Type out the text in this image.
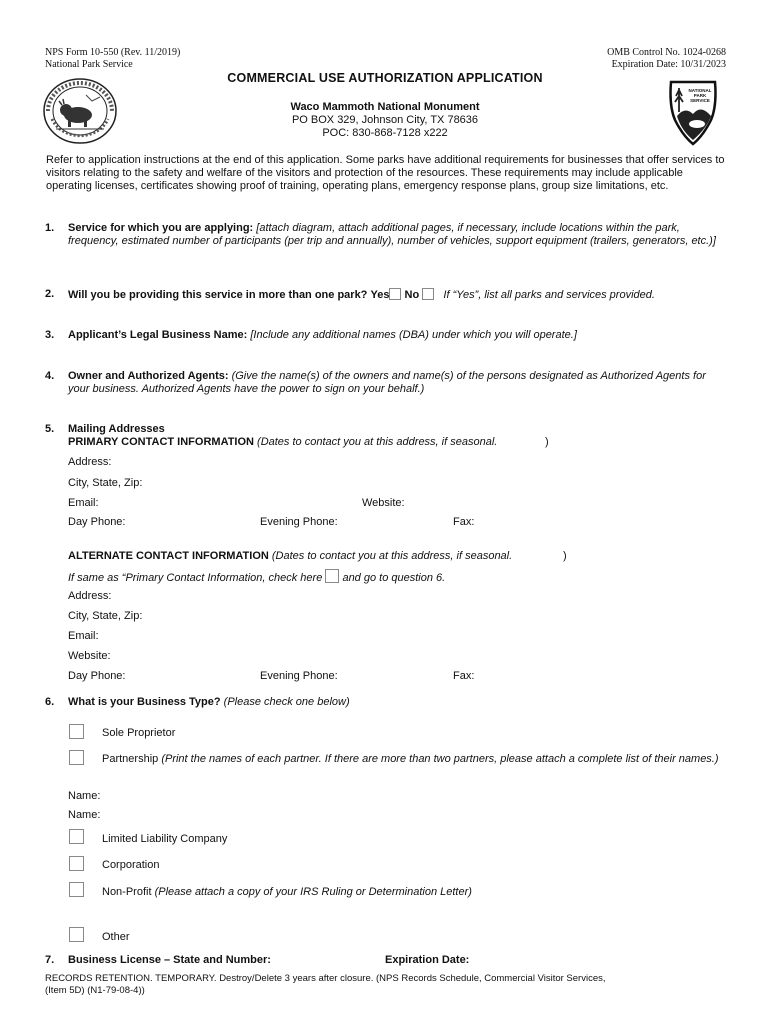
NPS Form 10-550 (Rev. 11/2019)
National Park Service
OMB Control No. 1024-0268
Expiration Date: 10/31/2023
NATIONAL
PARK
SERVICE
COMMERCIAL USE AUTHORIZATION APPLICATION
Waco Mammoth National Monument
PO BOX 329, Johnson City, TX 78636
POC: 830-868-7128 x222
Refer to application instructions at the end of this application. Some parks have additional requirements for businesses that offer services to visitors relating to the safety and welfare of the visitors and protection of the resources. These requirements may include applicable operating licenses, certificates showing proof of training, operating plans, emergency response plans, group size limitations, etc.
1.	Service for which you are applying: [attach diagram, attach additional pages, if necessary, include locations within the park, frequency, estimated number of participants (per trip and annually), number of vehicles, support equipment (trailers, generators, etc.)]
2.	Will you be providing this service in more than one park? Yes No If “Yes”, list all parks and services provided.
3.	Applicant’s Legal Business Name: [Include any additional names (DBA) under which you will operate.]
4.	Owner and Authorized Agents: (Give the name(s) of the owners and name(s) of the persons designated as Authorized Agents for your business. Authorized Agents have the power to sign on your behalf.)
5.	Mailing Addresses
PRIMARY CONTACT INFORMATION (Dates to contact you at this address, if seasonal.	)
Address:
City, State, Zip:
Email:	Website:
Day Phone:	Evening Phone:	Fax:
ALTERNATE CONTACT INFORMATION (Dates to contact you at this address, if seasonal.	)
If same as “Primary Contact Information, check here  and go to question 6.
Address:
City, State, Zip:
Email:
Website:
Day Phone:	Evening Phone:	Fax:
6.	What is your Business Type? (Please check one below)
Sole Proprietor
Partnership (Print the names of each partner. If there are more than two partners, please attach a complete list of their names.)
Name:
Name:
Limited Liability Company
Corporation
Non-Profit (Please attach a copy of your IRS Ruling or Determination Letter)
Other
7.	Business License – State and Number:	Expiration Date:
RECORDS RETENTION. TEMPORARY. Destroy/Delete 3 years after closure. (NPS Records Schedule, Commercial Visitor Services,
(Item 5D) (N1-79-08-4))
